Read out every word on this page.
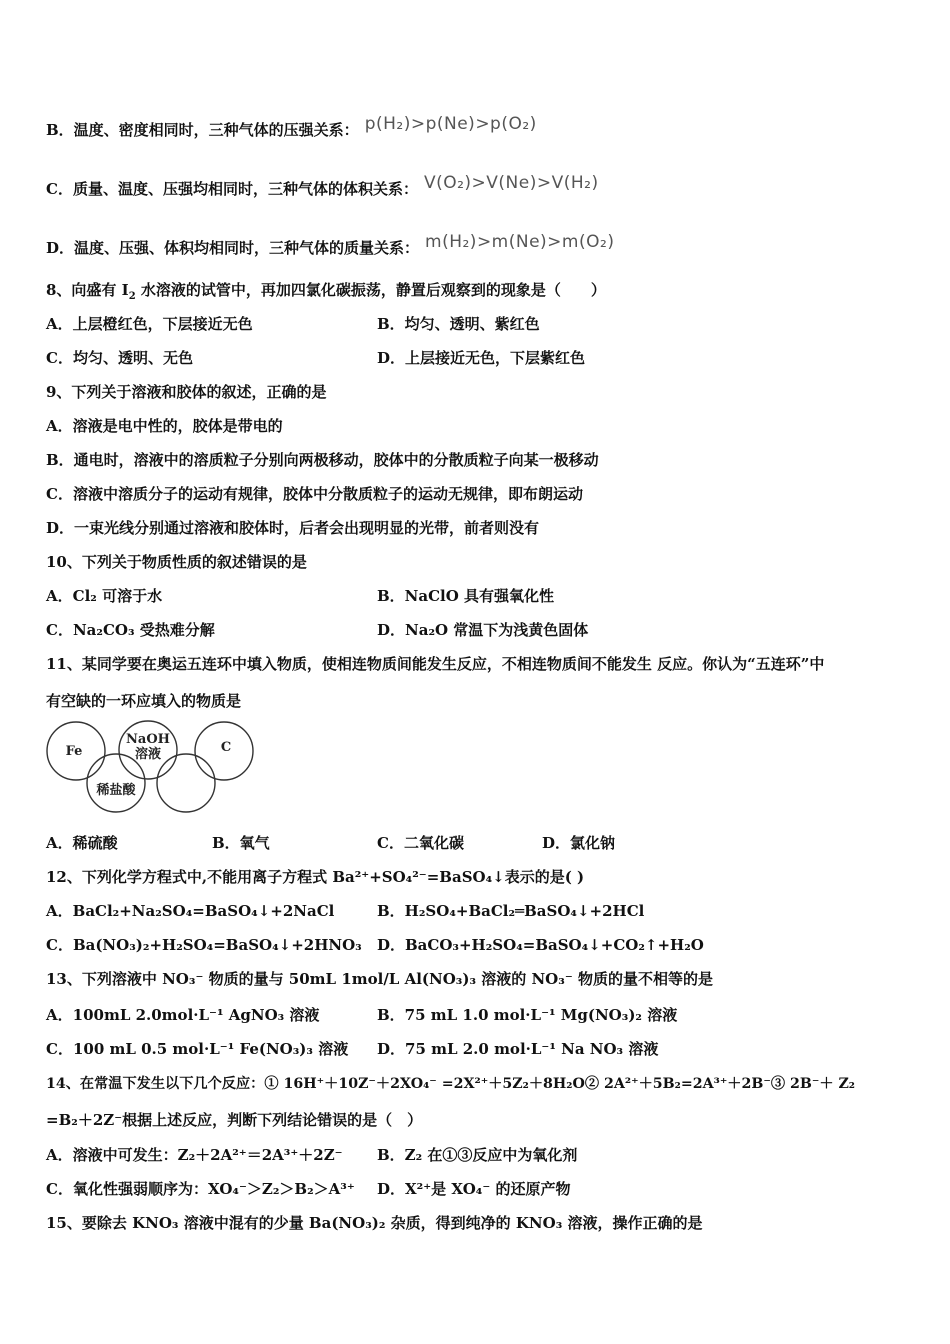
B．温度、密度相同时，三种气体的压强关系： p(H₂)>p(Ne)>p(O₂)
C．质量、温度、压强均相同时，三种气体的体积关系： V(O₂)>V(Ne)>V(H₂)
D．温度、压强、体积均相同时，三种气体的质量关系： m(H₂)>m(Ne)>m(O₂)
8、向盛有 $I_2$ 水溶液的试管中，再加四氯化碳振荡，静置后观察到的现象是（　　）
A．上层橙红色，下层接近无色	B．均匀、透明、紫红色
C．均匀、透明、无色	D．上层接近无色，下层紫红色
9、下列关于溶液和胶体的叙述，正确的是
A．溶液是电中性的，胶体是带电的
B．通电时，溶液中的溶质粒子分别向两极移动，胶体中的分散质粒子向某一极移动
C．溶液中溶质分子的运动有规律，胶体中分散质粒子的运动无规律，即布朗运动
D．一束光线分别通过溶液和胶体时，后者会出现明显的光带，前者则没有
10、下列关于物质性质的叙述错误的是
A．Cl₂ 可溶于水	B．NaClO 具有强氧化性
C．Na₂CO₃ 受热难分解	D．Na₂O 常温下为浅黄色固体
11、某同学要在奥运五连环中填入物质，使相连物质间能发生反应，不相连物质间不能发生 反应。你认为“五连环”中
有空缺的一环应填入的物质是
Fe
NaOH
溶液	C
稀盐酸
A．稀硫酸	B．氧气	C．二氧化碳	D．氯化钠
12、下列化学方程式中,不能用离子方程式 Ba²⁺+SO₄²⁻=BaSO₄↓表示的是( )
A．BaCl₂+Na₂SO₄=BaSO₄↓+2NaCl	B．H₂SO₄+BaCl₂═BaSO₄↓+2HCl
C．Ba(NO₃)₂+H₂SO₄=BaSO₄↓+2HNO₃ D．BaCO₃+H₂SO₄=BaSO₄↓+CO₂↑+H₂O
13、下列溶液中 NO₃⁻ 物质的量与 50mL 1mol/L Al(NO₃)₃ 溶液的 NO₃⁻ 物质的量不相等的是
A．100mL 2.0mol·L⁻¹ AgNO₃ 溶液	B．75 mL 1.0 mol·L⁻¹ Mg(NO₃)₂ 溶液
C．100 mL 0.5 mol·L⁻¹ Fe(NO₃)₃ 溶液 D．75 mL 2.0 mol·L⁻¹ Na NO₃ 溶液
14、在常温下发生以下几个反应：① 16H⁺＋10Z⁻＋2XO₄⁻ =2X²⁺＋5Z₂＋8H₂O② 2A²⁺＋5B₂=2A³⁺＋2B⁻③ 2B⁻＋ Z₂
=B₂＋2Z⁻根据上述反应，判断下列结论错误的是（　）
A．溶液中可发生：Z₂＋2A²⁺＝2A³⁺＋2Z⁻ B．Z₂ 在①③反应中为氧化剂
C．氧化性强弱顺序为：XO₄⁻＞Z₂＞B₂＞A³⁺ D．X²⁺是 XO₄⁻ 的还原产物
15、要除去 KNO₃ 溶液中混有的少量 Ba(NO₃)₂ 杂质，得到纯净的 KNO₃ 溶液，操作正确的是
